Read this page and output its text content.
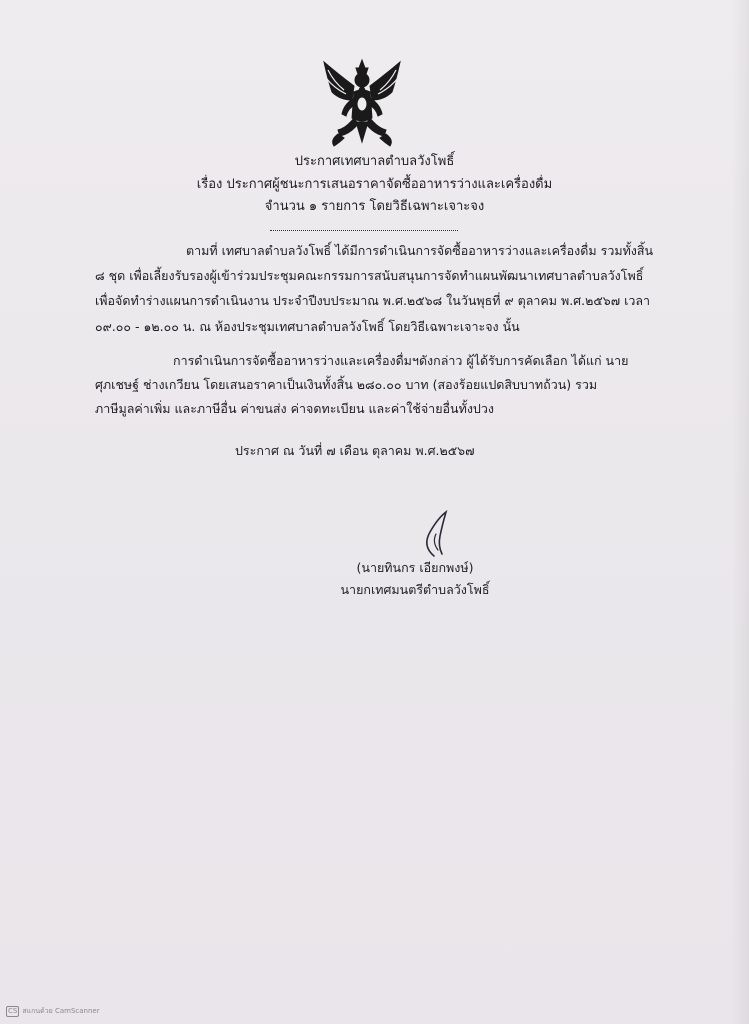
ประกาศเทศบาลตำบลวังโพธิ์
เรื่อง ประกาศผู้ชนะการเสนอราคาจัดซื้ออาหารว่างและเครื่องดื่ม
จำนวน ๑ รายการ โดยวิธีเฉพาะเจาะจง
ตามที่ เทศบาลตำบลวังโพธิ์ ได้มีการดำเนินการจัดซื้ออาหารว่างและเครื่องดื่ม รวมทั้งสิ้น
๘ ชุด เพื่อเลี้ยงรับรองผู้เข้าร่วมประชุมคณะกรรมการสนับสนุนการจัดทำแผนพัฒนาเทศบาลตำบลวังโพธิ์
เพื่อจัดทำร่างแผนการดำเนินงาน ประจำปีงบประมาณ พ.ศ.๒๕๖๘ ในวันพุธที่ ๙ ตุลาคม พ.ศ.๒๕๖๗ เวลา
๐๙.๐๐ - ๑๒.๐๐ น. ณ ห้องประชุมเทศบาลตำบลวังโพธิ์ โดยวิธีเฉพาะเจาะจง นั้น
การดำเนินการจัดซื้ออาหารว่างและเครื่องดื่มฯดังกล่าว ผู้ได้รับการคัดเลือก ได้แก่ นาย
ศุภเชษฐ์ ช่างเกวียน โดยเสนอราคาเป็นเงินทั้งสิ้น ๒๘๐.๐๐ บาท (สองร้อยแปดสิบบาทถ้วน) รวม
ภาษีมูลค่าเพิ่ม และภาษีอื่น ค่าขนส่ง ค่าจดทะเบียน และค่าใช้จ่ายอื่นทั้งปวง
ประกาศ ณ วันที่ ๗ เดือน ตุลาคม พ.ศ.๒๕๖๗
(นายทินกร เอียกพงษ์)
นายกเทศมนตรีตำบลวังโพธิ์
CS สแกนด้วย CamScanner
